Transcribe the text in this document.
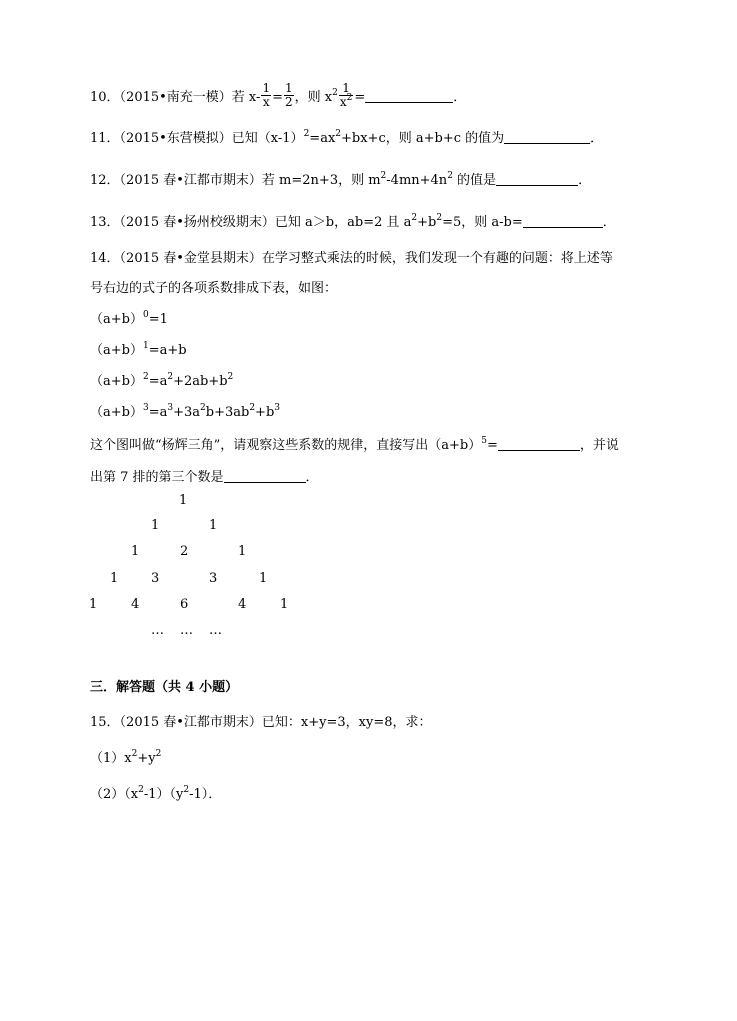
10．（2015•南充一模）若 $x- \frac{1}{x} = \frac{1}{2}$ ，则 $x^2 \frac{1}{x^2}$ =	．
11．（2015•东营模拟）已知$(x-1)^2=ax^2+bx+c$，则 a+b+c 的值为	．
12．（2015 春•江都市期末）若 m=2n+3，则 $m^2-4mn+4n^2$ 的值是	．
13．（2015 春•扬州校级期末）已知 a＞b，ab=2 且 $a^2+b^2=5$，则 a-b=	．
14．（2015 春•金堂县期末）在学习整式乘法的时候，我们发现一个有趣的问题：将上述等
号右边的式子的各项系数排成下表，如图：
$(a+b)^0=1$
$(a+b)^1=a+b$
$(a+b)^2=a^2+2ab+b^2$
$(a+b)^3=a^3+3a^2b+3ab^2+b^3$
这个图叫做“杨辉三角”，请观察这些系数的规律，直接写出$(a+b)^5=$	，并说
出第 7 排的第三个数是	．
1
1	1
1	2	1
1	3	3	1
1	4	6	4	1
… … …
三．解答题（共 4 小题）
15．（2015 春•江都市期末）已知：x+y=3，xy=8，求：
$(1)x^2+y^2$
$(2)(x^2-1)(y^2-1)$．
